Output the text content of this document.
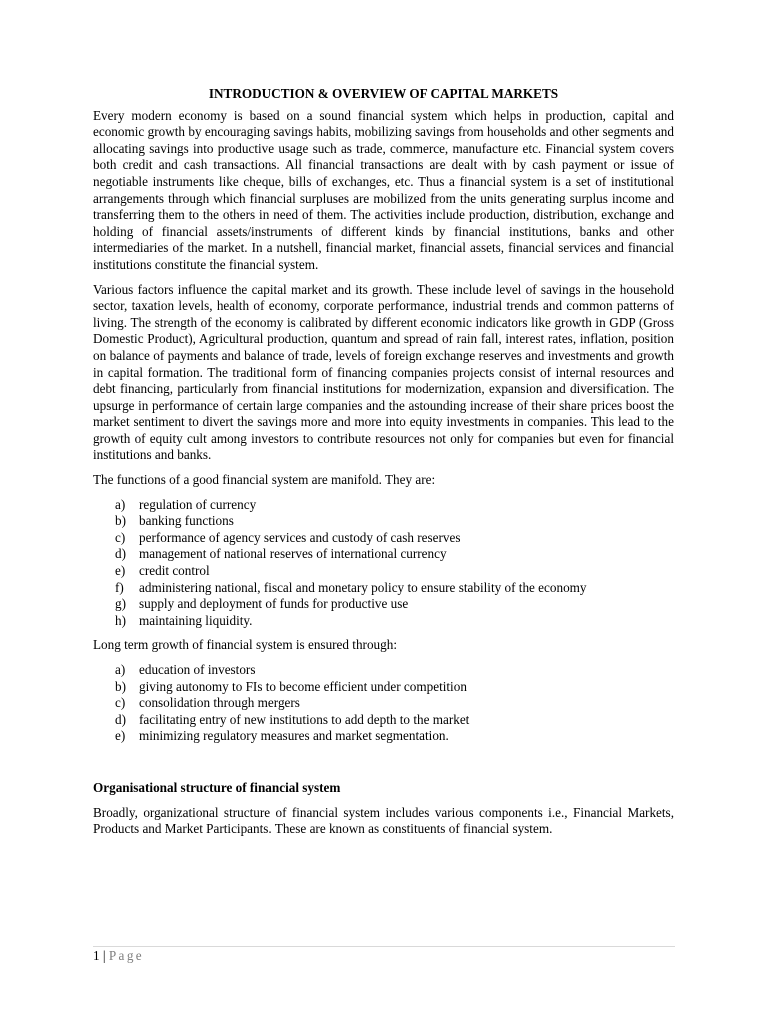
INTRODUCTION & OVERVIEW OF CAPITAL MARKETS

Every modern economy is based on a sound financial system which helps in production, capital and economic growth by encouraging savings habits, mobilizing savings from households and other segments and allocating savings into productive usage such as trade, commerce, manufacture etc. Financial system covers both credit and cash transactions. All financial transactions are dealt with by cash payment or issue of negotiable instruments like cheque, bills of exchanges, etc. Thus a financial system is a set of institutional arrangements through which financial surpluses are mobilized from the units generating surplus income and transferring them to the others in need of them. The activities include production, distribution, exchange and holding of financial assets/instruments of different kinds by financial institutions, banks and other intermediaries of the market. In a nutshell, financial market, financial assets, financial services and financial institutions constitute the financial system.

Various factors influence the capital market and its growth. These include level of savings in the household sector, taxation levels, health of economy, corporate performance, industrial trends and common patterns of living. The strength of the economy is calibrated by different economic indicators like growth in GDP (Gross Domestic Product), Agricultural production, quantum and spread of rain fall, interest rates, inflation, position on balance of payments and balance of trade, levels of foreign exchange reserves and investments and growth in capital formation. The traditional form of financing companies projects consist of internal resources and debt financing, particularly from financial institutions for modernization, expansion and diversification. The upsurge in performance of certain large companies and the astounding increase of their share prices boost the market sentiment to divert the savings more and more into equity investments in companies. This lead to the growth of equity cult among investors to contribute resources not only for companies but even for financial institutions and banks.

The functions of a good financial system are manifold. They are:

a) regulation of currency
b) banking functions
c) performance of agency services and custody of cash reserves
d) management of national reserves of international currency
e) credit control
f) administering national, fiscal and monetary policy to ensure stability of the economy
g) supply and deployment of funds for productive use
h) maintaining liquidity.

Long term growth of financial system is ensured through:

a) education of investors
b) giving autonomy to FIs to become efficient under competition
c) consolidation through mergers
d) facilitating entry of new institutions to add depth to the market
e) minimizing regulatory measures and market segmentation.
Organisational structure of financial system

Broadly, organizational structure of financial system includes various components i.e., Financial Markets, Products and Market Participants. These are known as constituents of financial system.

1 | Page
